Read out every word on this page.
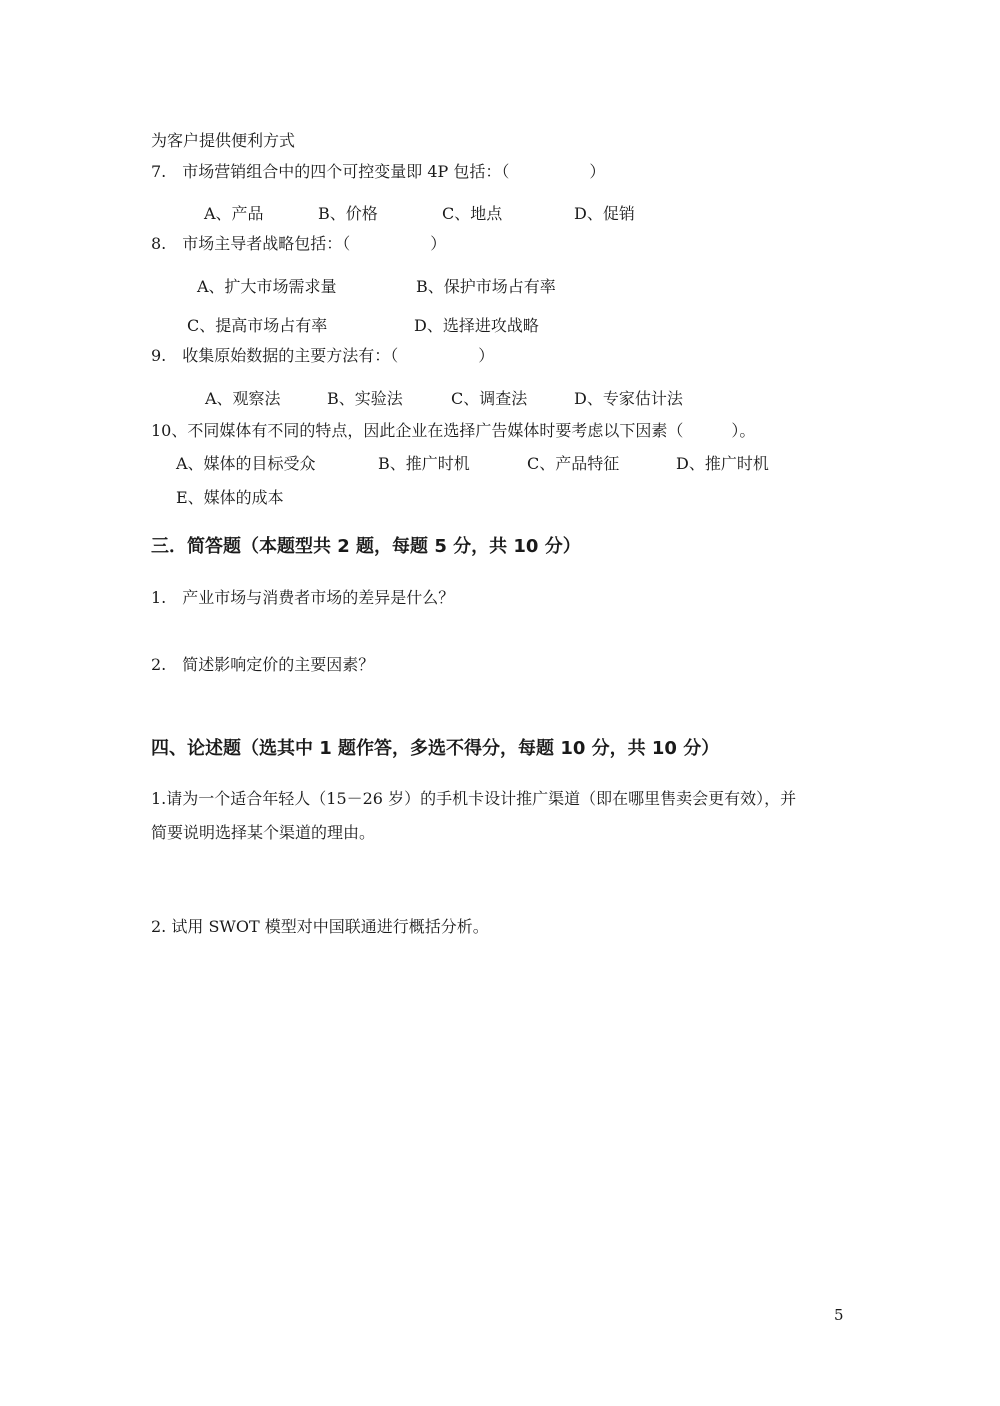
为客户提供便利方式
7.　市场营销组合中的四个可控变量即 4P 包括：（　　　　　）
A、产品	B、价格	C、地点	D、促销
8.　市场主导者战略包括：（　　　　　）
A、扩大市场需求量	B、保护市场占有率
C、提高市场占有率	D、选择进攻战略
9.　收集原始数据的主要方法有：（　　　　　）
A、观察法	B、实验法	C、调查法	D、专家估计法
10、不同媒体有不同的特点，因此企业在选择广告媒体时要考虑以下因素（　　　）。
A、媒体的目标受众	B、推广时机	C、产品特征	D、推广时机
E、媒体的成本
三．简答题（本题型共 2 题，每题 5 分，共 10 分）
1.　产业市场与消费者市场的差异是什么？
2.　简述影响定价的主要因素？
四、论述题（选其中 1 题作答，多选不得分，每题 10 分，共 10 分）
1.请为一个适合年轻人（15－26 岁）的手机卡设计推广渠道（即在哪里售卖会更有效），并
简要说明选择某个渠道的理由。
2. 试用 SWOT 模型对中国联通进行概括分析。
5
